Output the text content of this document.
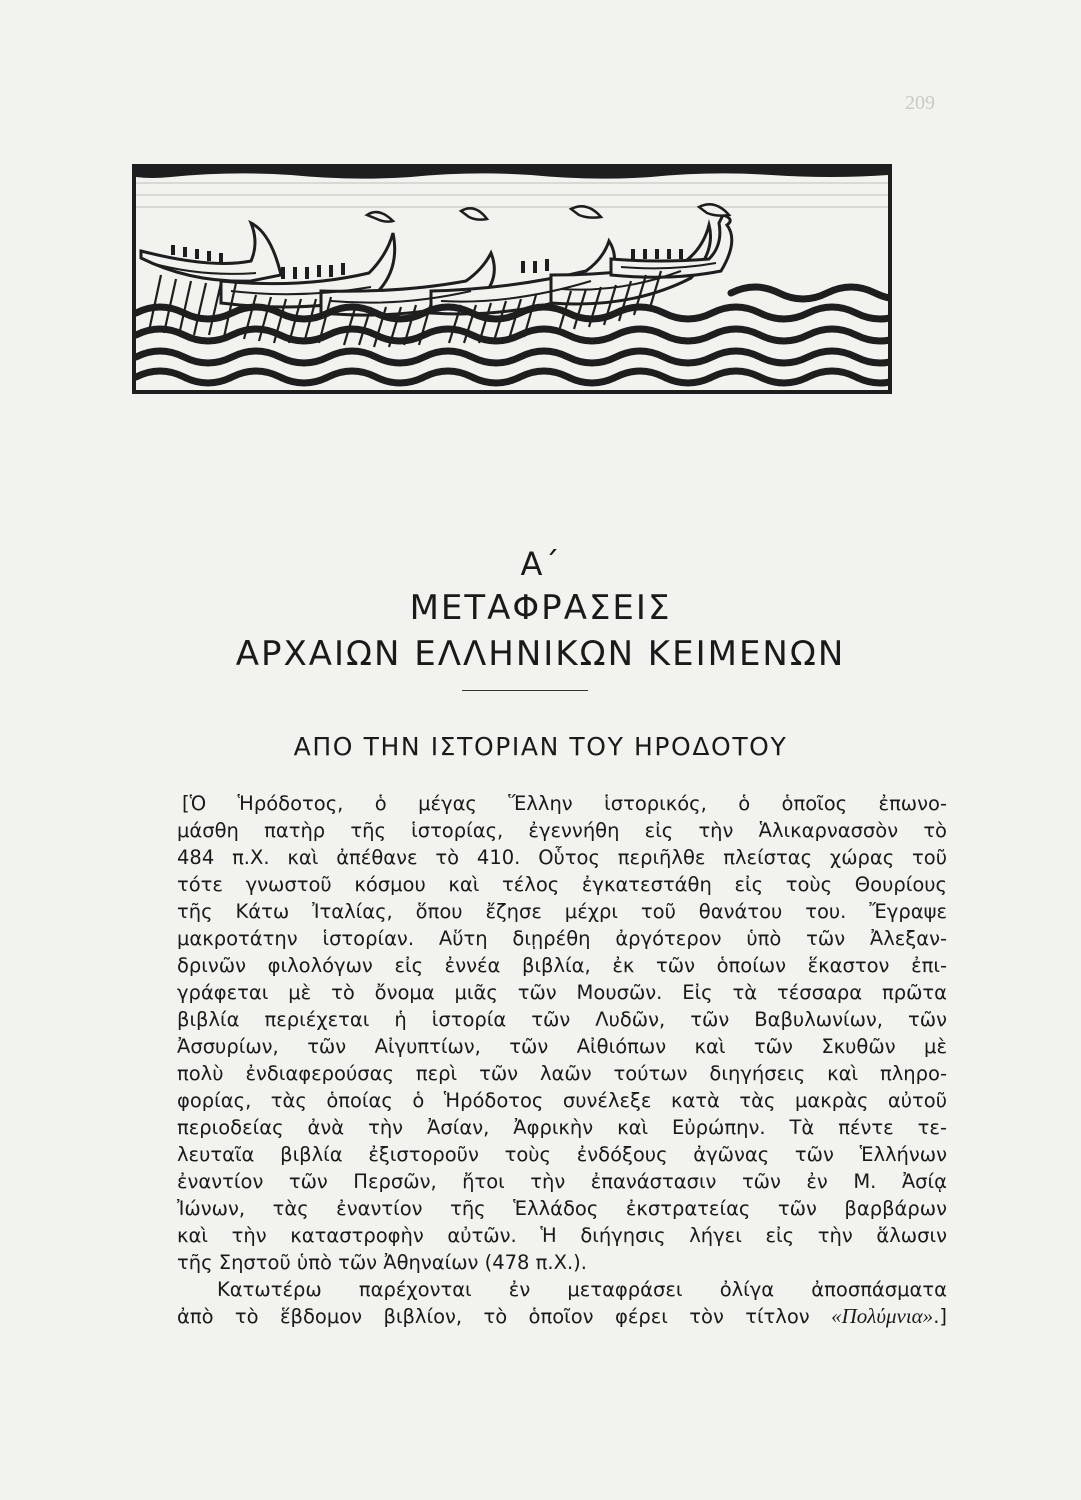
209
Α΄
ΜΕΤΑΦΡΑΣΕΙΣ
ΑΡΧΑΙΩΝ ΕΛΛΗΝΙΚΩΝ ΚΕΙΜΕΝΩΝ
ΑΠΟ ΤΗΝ ΙΣΤΟΡΙΑΝ ΤΟΥ ΗΡΟΔΟΤΟΥ
[Ὁ Ἡρόδοτος, ὁ μέγας Ἕλλην ἱστορικός, ὁ ὁποῖος ἐπωνο-
μάσθη πατὴρ τῆς ἱστορίας, ἐγεννήθη εἰς τὴν Ἁλικαρνασσὸν τὸ
484 π.Χ. καὶ ἀπέθανε τὸ 410. Οὗτος περιῆλθε πλείστας χώρας τοῦ
τότε γνωστοῦ κόσμου καὶ τέλος ἐγκατεστάθη εἰς τοὺς Θουρίους
τῆς Κάτω Ἰταλίας, ὅπου ἔζησε μέχρι τοῦ θανάτου του. Ἔγραψε
μακροτάτην ἱστορίαν. Αὕτη διῃρέθη ἀργότερον ὑπὸ τῶν Ἀλεξαν-
δρινῶν φιλολόγων εἰς ἐννέα βιβλία, ἐκ τῶν ὁποίων ἕκαστον ἐπι-
γράφεται μὲ τὸ ὄνομα μιᾶς τῶν Μουσῶν. Εἰς τὰ τέσσαρα πρῶτα
βιβλία περιέχεται ἡ ἱστορία τῶν Λυδῶν, τῶν Βαβυλωνίων, τῶν
Ἀσσυρίων, τῶν Αἰγυπτίων, τῶν Αἰθιόπων καὶ τῶν Σκυθῶν μὲ
πολὺ ἐνδιαφερούσας περὶ τῶν λαῶν τούτων διηγήσεις καὶ πληρο-
φορίας, τὰς ὁποίας ὁ Ἡρόδοτος συνέλεξε κατὰ τὰς μακρὰς αὐτοῦ
περιοδείας ἀνὰ τὴν Ἀσίαν, Ἀφρικὴν καὶ Εὐρώπην. Τὰ πέντε τε-
λευταῖα βιβλία ἐξιστοροῦν τοὺς ἐνδόξους ἀγῶνας τῶν Ἑλλήνων
ἐναντίον τῶν Περσῶν, ἤτοι τὴν ἐπανάστασιν τῶν ἐν Μ. Ἀσίᾳ
Ἰώνων, τὰς ἐναντίον τῆς Ἑλλάδος ἐκστρατείας τῶν βαρβάρων
καὶ τὴν καταστροφὴν αὐτῶν. Ἡ διήγησις λήγει εἰς τὴν ἅλωσιν
τῆς Σηστοῦ ὑπὸ τῶν Ἀθηναίων (478 π.Χ.).
Κατωτέρω παρέχονται ἐν μεταφράσει ὀλίγα ἀποσπάσματα
ἀπὸ τὸ ἕβδομον βιβλίον, τὸ ὁποῖον φέρει τὸν τίτλον «Πολύμνια».]
